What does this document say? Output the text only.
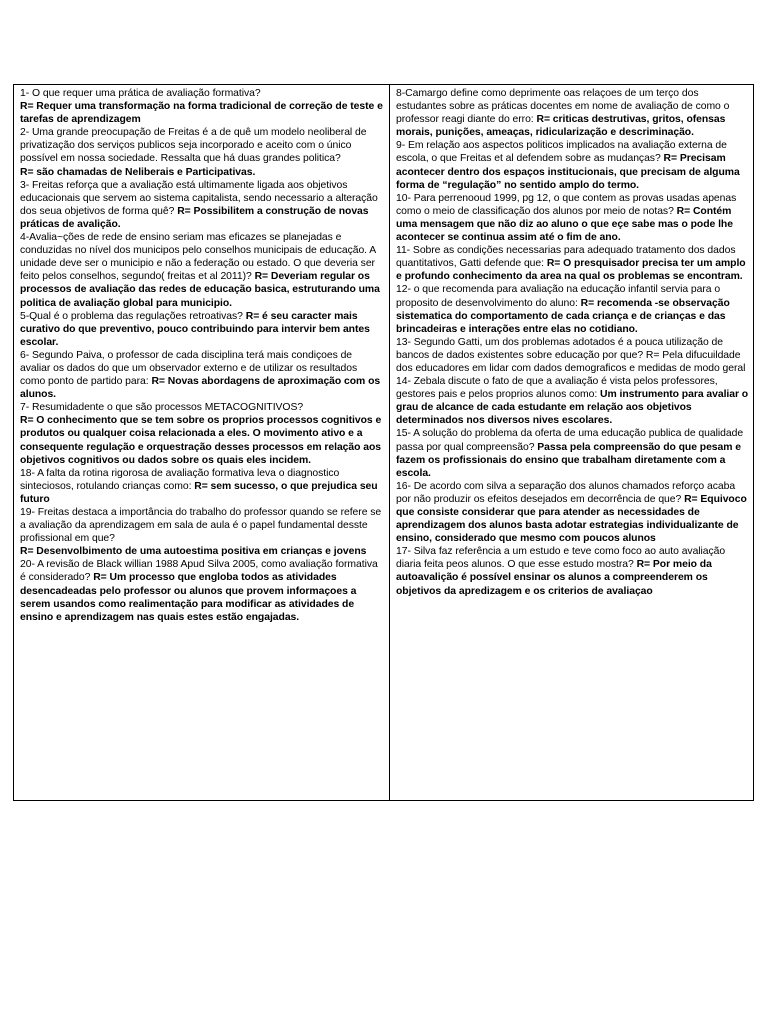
1- O que requer uma prática de avaliação formativa?
R= Requer uma transformação na forma tradicional de correção de teste e tarefas de aprendizagem
2- Uma grande preocupação de Freitas é a de quê um modelo neoliberal de privatização dos serviços publicos seja incorporado e aceito com o único possível em nossa sociedade. Ressalta que há duas grandes politica?
R= são chamadas de Neliberais e Participativas.
3- Freitas reforça que a avaliação está ultimamente ligada aos objetivos educacionais que servem ao sistema capitalista, sendo necessario a alteração dos seua objetivos de forma quê? R= Possibilitem a construção de novas práticas de avalição.
4-Avalia~ções de rede de ensino seriam mas eficazes se planejadas e conduzidas no nível dos municipos pelo conselhos municipais de educação. A unidade deve ser o municipio e não a federação ou estado. O que deveria ser feito pelos conselhos, segundo( freitas et al 2011)? R= Deveriam regular os processos de avaliação das redes de educação basica, estruturando uma politica de avaliação global para municipio.
5-Qual é o problema das regulações retroativas? R= é seu caracter mais curativo do que preventivo, pouco contribuindo para intervir bem antes escolar.
6- Segundo Paiva, o professor de cada disciplina terá mais condiçoes de avaliar os dados do que um observador externo e de utilizar os resultados como ponto de partido para: R= Novas abordagens de aproximação com os alunos.
7- Resumidadente o que são processos METACOGNITIVOS?
R= O conhecimento que se tem sobre os proprios processos cognitivos e produtos ou qualquer coisa relacionada a eles. O movimento ativo e a consequente regulação e orquestração desses processos em relação aos objetivos cognitivos ou dados sobre os quais eles incidem.
18- A falta da rotina rigorosa de avaliação formativa leva o diagnostico sinteciosos, rotulando crianças como: R= sem sucesso, o que prejudica seu futuro
19- Freitas destaca a importância do trabalho do professor quando se refere se a avaliação da aprendizagem em sala de aula é o papel fundamental desste profissional em que?
R= Desenvolbimento de uma autoestima positiva em crianças e jovens
20- A revisão de Black willian 1988 Apud Silva 2005, como avaliação formativa é considerado? R= Um processo que engloba todos as atividades desencadeadas pelo professor ou alunos que provem informaçoes a serem usandos como realimentação para modificar as atividades de ensino e aprendizagem nas quais estes estão engajadas.
8-Camargo define como deprimente oas relaçoes de um terço dos estudantes sobre as práticas docentes em nome de avaliação de como o professor reagi diante do erro: R= criticas destrutivas, gritos, ofensas morais, punições, ameaças, ridicularização e descriminação.
9- Em relação aos aspectos politicos implicados na avaliação externa de escola, o que Freitas et al defendem sobre as mudanças? R= Precisam acontecer dentro dos espaços institucionais, que precisam de alguma forma de “regulação” no sentido amplo do termo.
10- Para perrenooud 1999, pg 12, o que contem as provas usadas apenas como o meio de classificação dos alunos por meio de notas? R= Contém uma mensagem que não diz ao aluno o que eçe sabe mas o pode lhe acontecer se continua assim até o fim de ano.
11- Sobre as condições necessarias para adequado tratamento dos dados quantitativos, Gatti defende que: R= O presquisador precisa ter um amplo e profundo conhecimento da area na qual os problemas se encontram.
12- o que recomenda para avaliação na educação infantil servia para o proposito de desenvolvimento do aluno: R= recomenda -se observação sistematica do comportamento de cada criança e de crianças e das brincadeiras e interações entre elas no cotidiano.
13- Segundo Gatti, um dos problemas adotados é a pouca utilização de bancos de dados existentes sobre educação por que? R= Pela difucuildade dos educadores em lidar com dados demograficos e medidas de modo geral
14- Zebala discute o fato de que a avaliação é vista pelos professores, gestores pais e pelos proprios alunos como: Um instrumento para avaliar o grau de alcance de cada estudante em relação aos objetivos determinados nos diversos nives escolares.
15- A solução do problema da oferta de uma educação publica de qualidade passa por qual compreensão? Passa pela compreensão do que pesam e fazem os profissionais do ensino que trabalham diretamente com a escola.
16- De acordo com silva a separação dos alunos chamados reforço acaba por não produzir os efeitos desejados em decorrência de que? R= Equivoco que consiste considerar que para atender as necessidades de aprendizagem dos alunos basta adotar estrategias individualizante de ensino, considerado que mesmo com poucos alunos
17- Silva faz referência a um estudo e teve como foco ao auto avaliação diaria feita peos alunos. O que esse estudo mostra? R= Por meio da autoavalição é possível ensinar os alunos a compreenderem os objetivos da apredizagem e os criterios de avaliaçao
